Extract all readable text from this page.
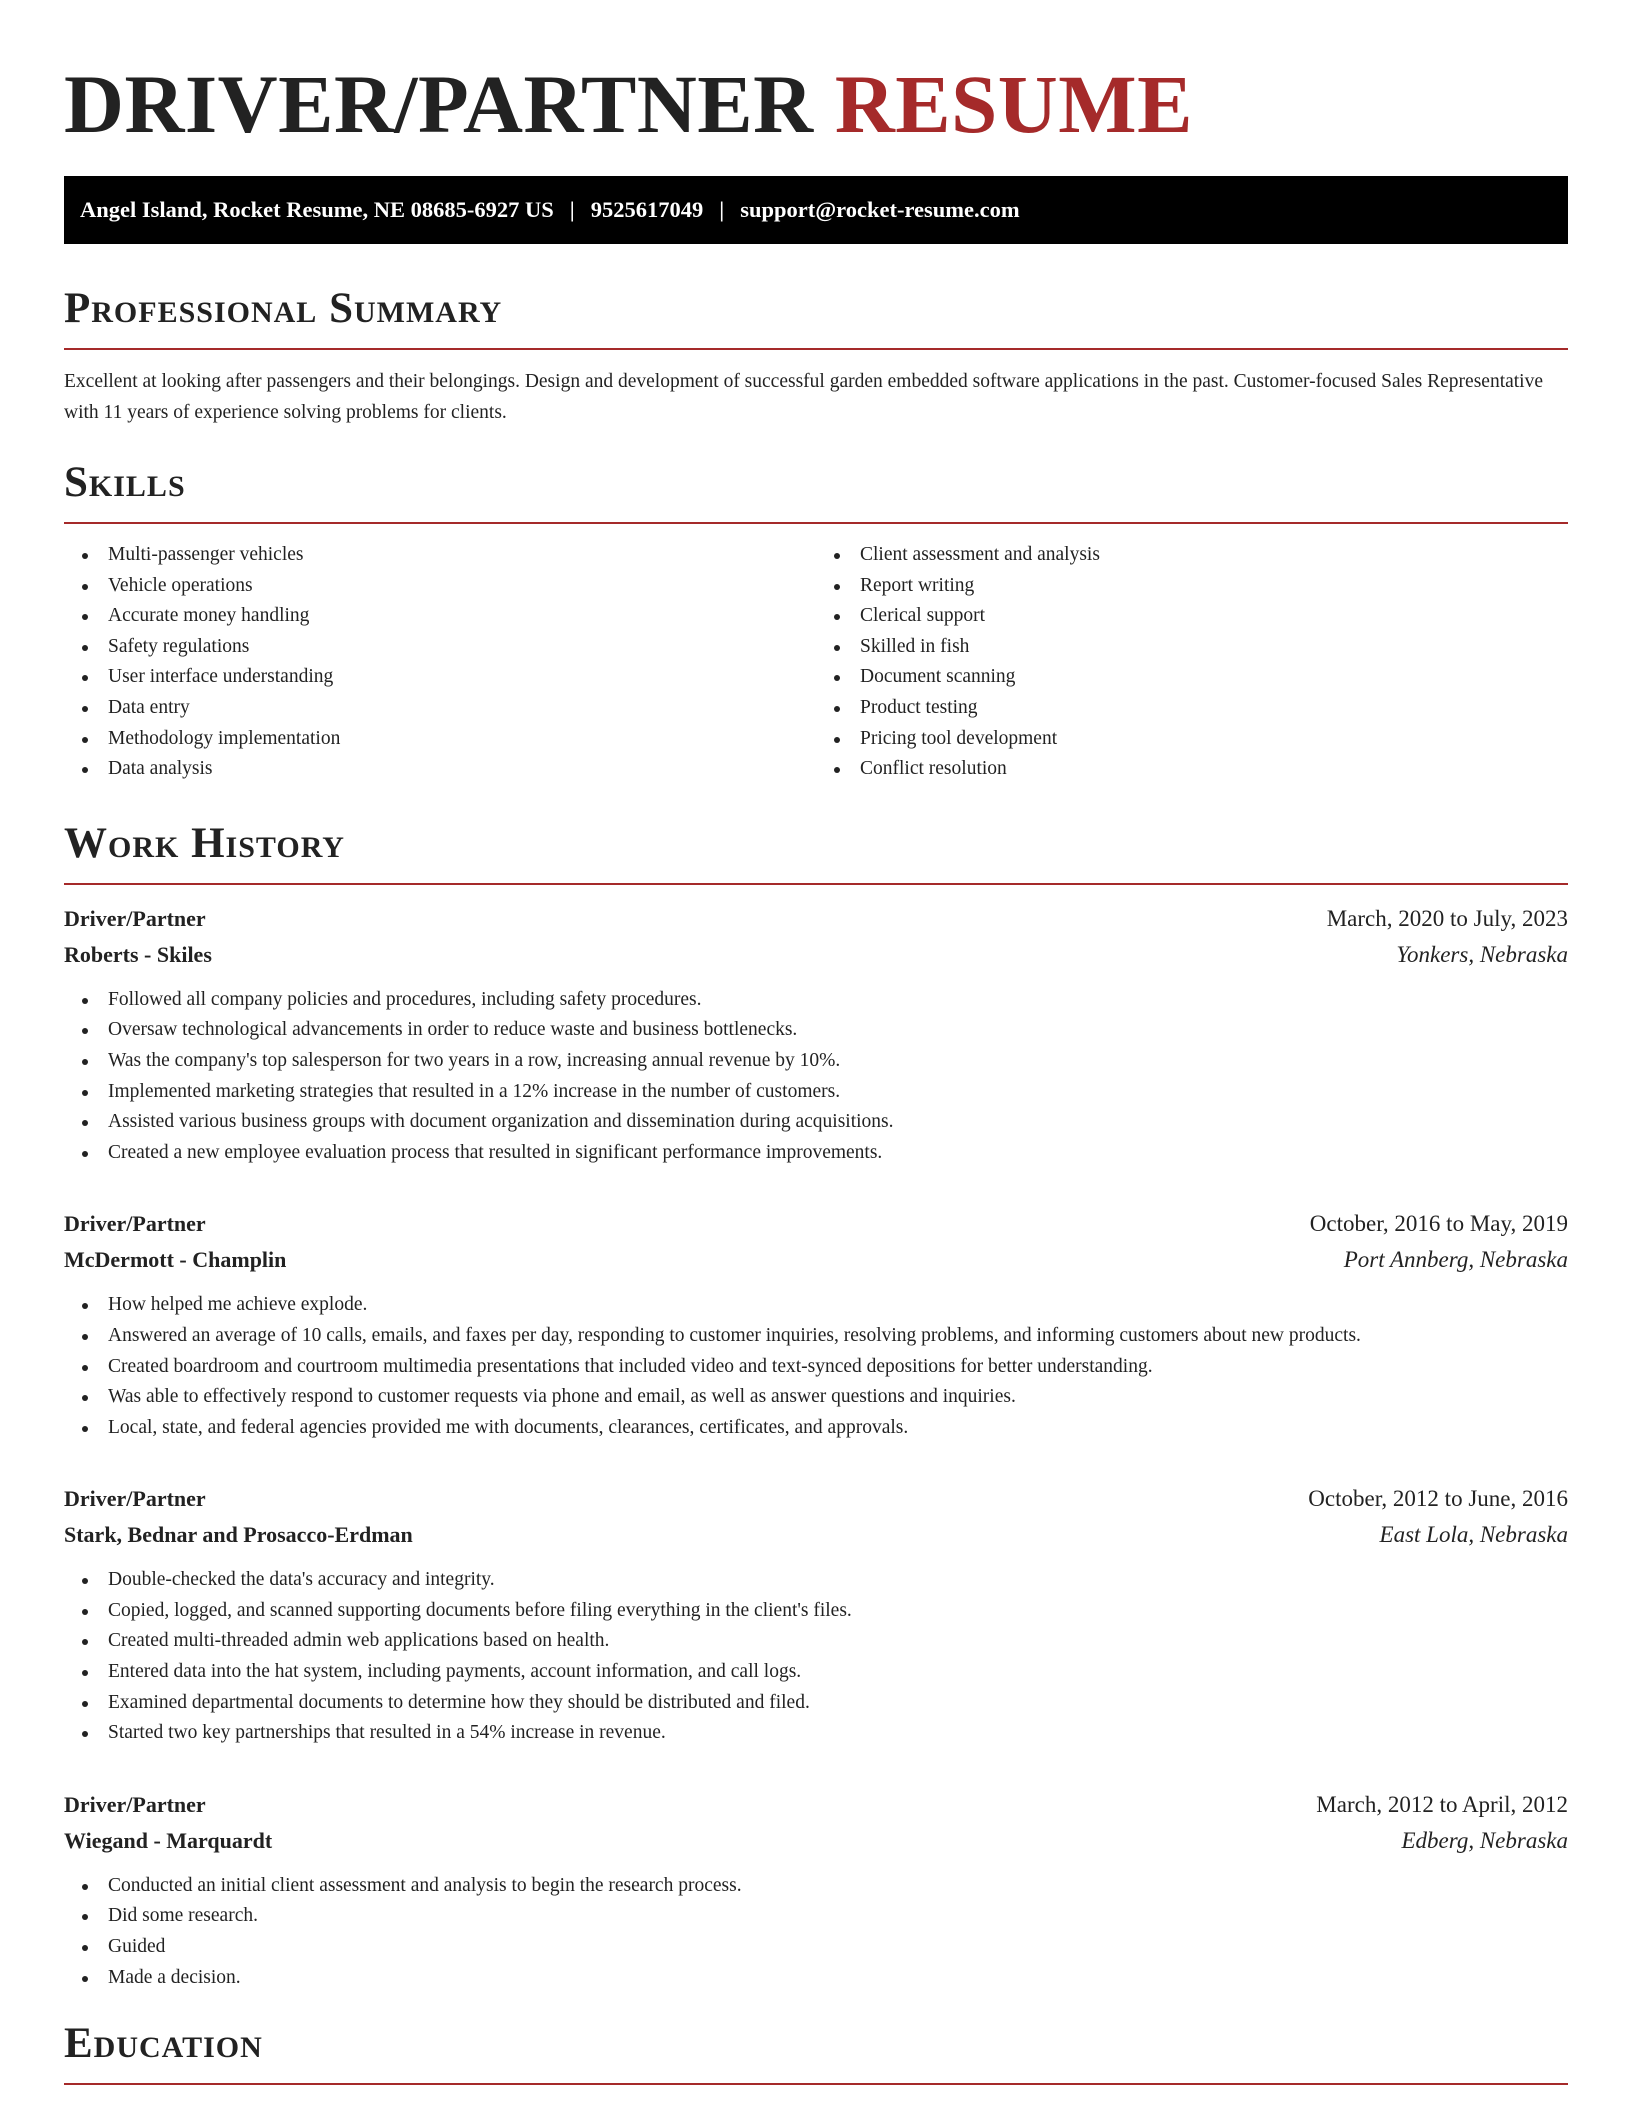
DRIVER/PARTNER RESUME
Angel Island, Rocket Resume, NE 08685-6927 US | 9525617049 | support@rocket-resume.com
Professional Summary

Excellent at looking after passengers and their belongings. Design and development of successful garden embedded software applications in the past. Customer-focused Sales Representative with 11 years of experience solving problems for clients.

Skills
Multi-passenger vehicles
Vehicle operations
Accurate money handling
Safety regulations
User interface understanding
Data entry
Methodology implementation
Data analysis
Client assessment and analysis
Report writing
Clerical support
Skilled in fish
Document scanning
Product testing
Pricing tool development
Conflict resolution
Work History
Driver/Partner	March, 2020 to July, 2023
Roberts - Skiles	Yonkers, Nebraska
Followed all company policies and procedures, including safety procedures.
Oversaw technological advancements in order to reduce waste and business bottlenecks.
Was the company's top salesperson for two years in a row, increasing annual revenue by 10%.
Implemented marketing strategies that resulted in a 12% increase in the number of customers.
Assisted various business groups with document organization and dissemination during acquisitions.
Created a new employee evaluation process that resulted in significant performance improvements.
Driver/Partner	October, 2016 to May, 2019
McDermott - Champlin	Port Annberg, Nebraska
How helped me achieve explode.
Answered an average of 10 calls, emails, and faxes per day, responding to customer inquiries, resolving problems, and informing customers about new products.
Created boardroom and courtroom multimedia presentations that included video and text-synced depositions for better understanding.
Was able to effectively respond to customer requests via phone and email, as well as answer questions and inquiries.
Local, state, and federal agencies provided me with documents, clearances, certificates, and approvals.
Driver/Partner	October, 2012 to June, 2016
Stark, Bednar and Prosacco-Erdman	East Lola, Nebraska
Double-checked the data's accuracy and integrity.
Copied, logged, and scanned supporting documents before filing everything in the client's files.
Created multi-threaded admin web applications based on health.
Entered data into the hat system, including payments, account information, and call logs.
Examined departmental documents to determine how they should be distributed and filed.
Started two key partnerships that resulted in a 54% increase in revenue.
Driver/Partner	March, 2012 to April, 2012
Wiegand - Marquardt	Edberg, Nebraska
Conducted an initial client assessment and analysis to begin the research process.
Did some research.
Guided
Made a decision.
Education
